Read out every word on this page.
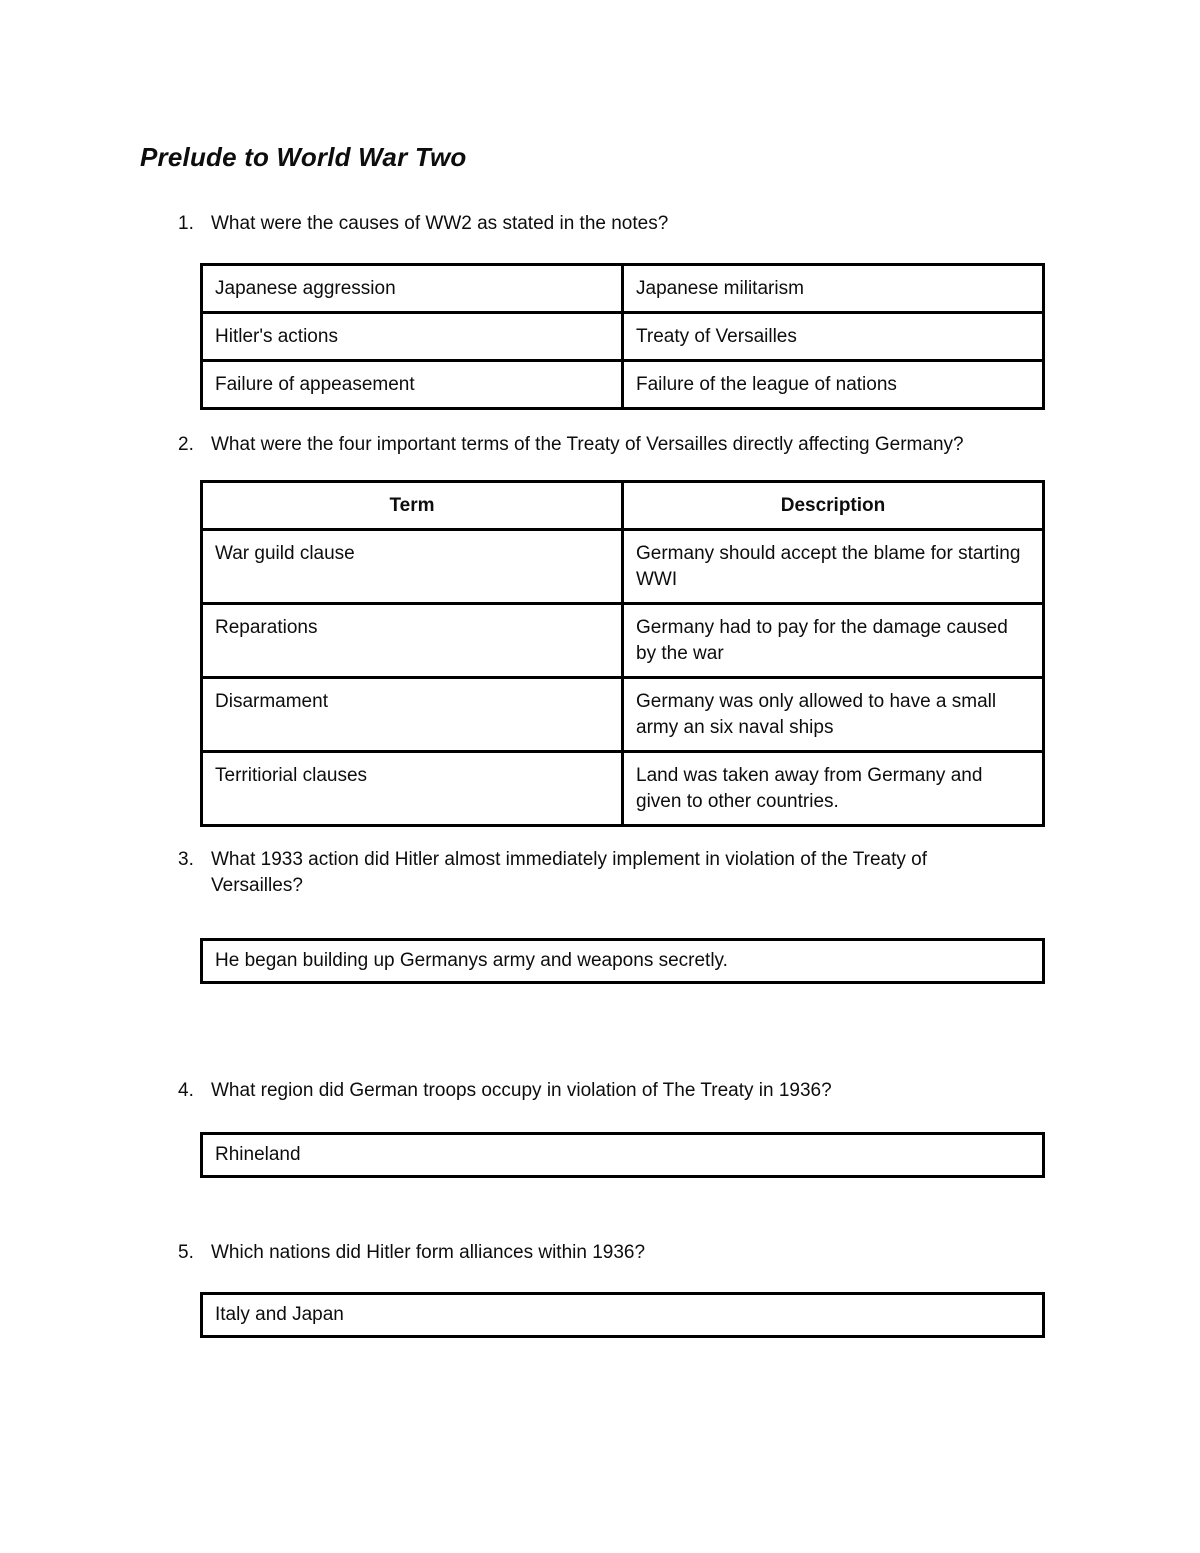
Prelude to World War Two
1. What were the causes of WW2 as stated in the notes?
Japanese aggression	Japanese militarism
Hitler's actions	Treaty of Versailles
Failure of appeasement	Failure of the league of nations
2. What were the four important terms of the Treaty of Versailles directly affecting Germany?
Term	Description
War guild clause	Germany should accept the blame for starting WWI
Reparations	Germany had to pay for the damage caused by the war
Disarmament	Germany was only allowed to have a small army an six naval ships
Territiorial clauses	Land was taken away from Germany and given to other countries.
3. What 1933 action did Hitler almost immediately implement in violation of the Treaty of Versailles?
He began building up Germanys army and weapons secretly.
4. What region did German troops occupy in violation of The Treaty in 1936?
Rhineland
5. Which nations did Hitler form alliances within 1936?
Italy and Japan
